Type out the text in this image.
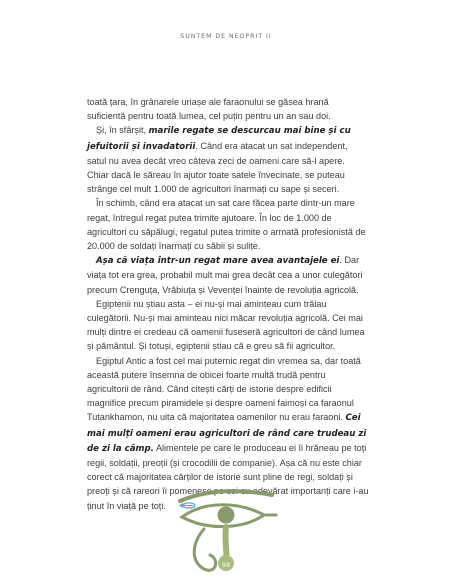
SUNTEM DE NEOPRIT II

toată țara, în grânarele uriașe ale faraonului se găsea hrană suficientă pentru toată lumea, cel puțin pentru un an sau doi.

Și, în sfârșit, marile regate se descurcau mai bine și cu jefuitorii și invadatorii. Când era atacat un sat independent, satul nu avea decât vreo câteva zeci de oameni care să-l apere. Chiar dacă le săreau în ajutor toate satele învecinate, se puteau strânge cel mult 1.000 de agricultori înarmați cu sape și seceri.

În schimb, când era atacat un sat care făcea parte dintr-un mare regat, întregul regat putea trimite ajutoare. În loc de 1.000 de agricultori cu săpălugi, regatul putea trimite o armată profesionistă de 20.000 de soldați înarmați cu săbii și sulițe.

Așa că viața într-un regat mare avea avantajele ei. Dar viața tot era grea, probabil mult mai grea decât cea a unor culegători precum Crenguța, Vrăbiuța și Vevenței înainte de revoluția agricolă.

Egiptenii nu știau asta – ei nu-și mai aminteau cum trăiau culegătorii. Nu-și mai aminteau nici măcar revoluția agricolă. Cei mai mulți dintre ei credeau că oamenii fuseseră agricultori de când lumea și pământul. Și totuși, egiptenii știau că e greu să fii agricultor.

Egiptul Antic a fost cel mai puternic regat din vremea sa, dar toată această putere însemna de obicei foarte multă trudă pentru agricultorii de rând. Când citești cărți de istorie despre edificii magnifice precum piramidele și despre oameni faimoși ca faraonul Tutankhamon, nu uita că majoritatea oamenilor nu erau faraoni. Cei mai mulți oameni erau agricultori de rând care trudeau zi de zi la câmp. Alimentele pe care le produceau ei îi hrăneau pe toți regii, soldații, preoții (și crocodilii de companie). Așa că nu este chiar corect că majoritatea cărților de istorie sunt pline de regi, soldați și preoți și că rareori îi pomenesc pe cei cu adevărat importanți care i-au ținut în viață pe toți.

98
